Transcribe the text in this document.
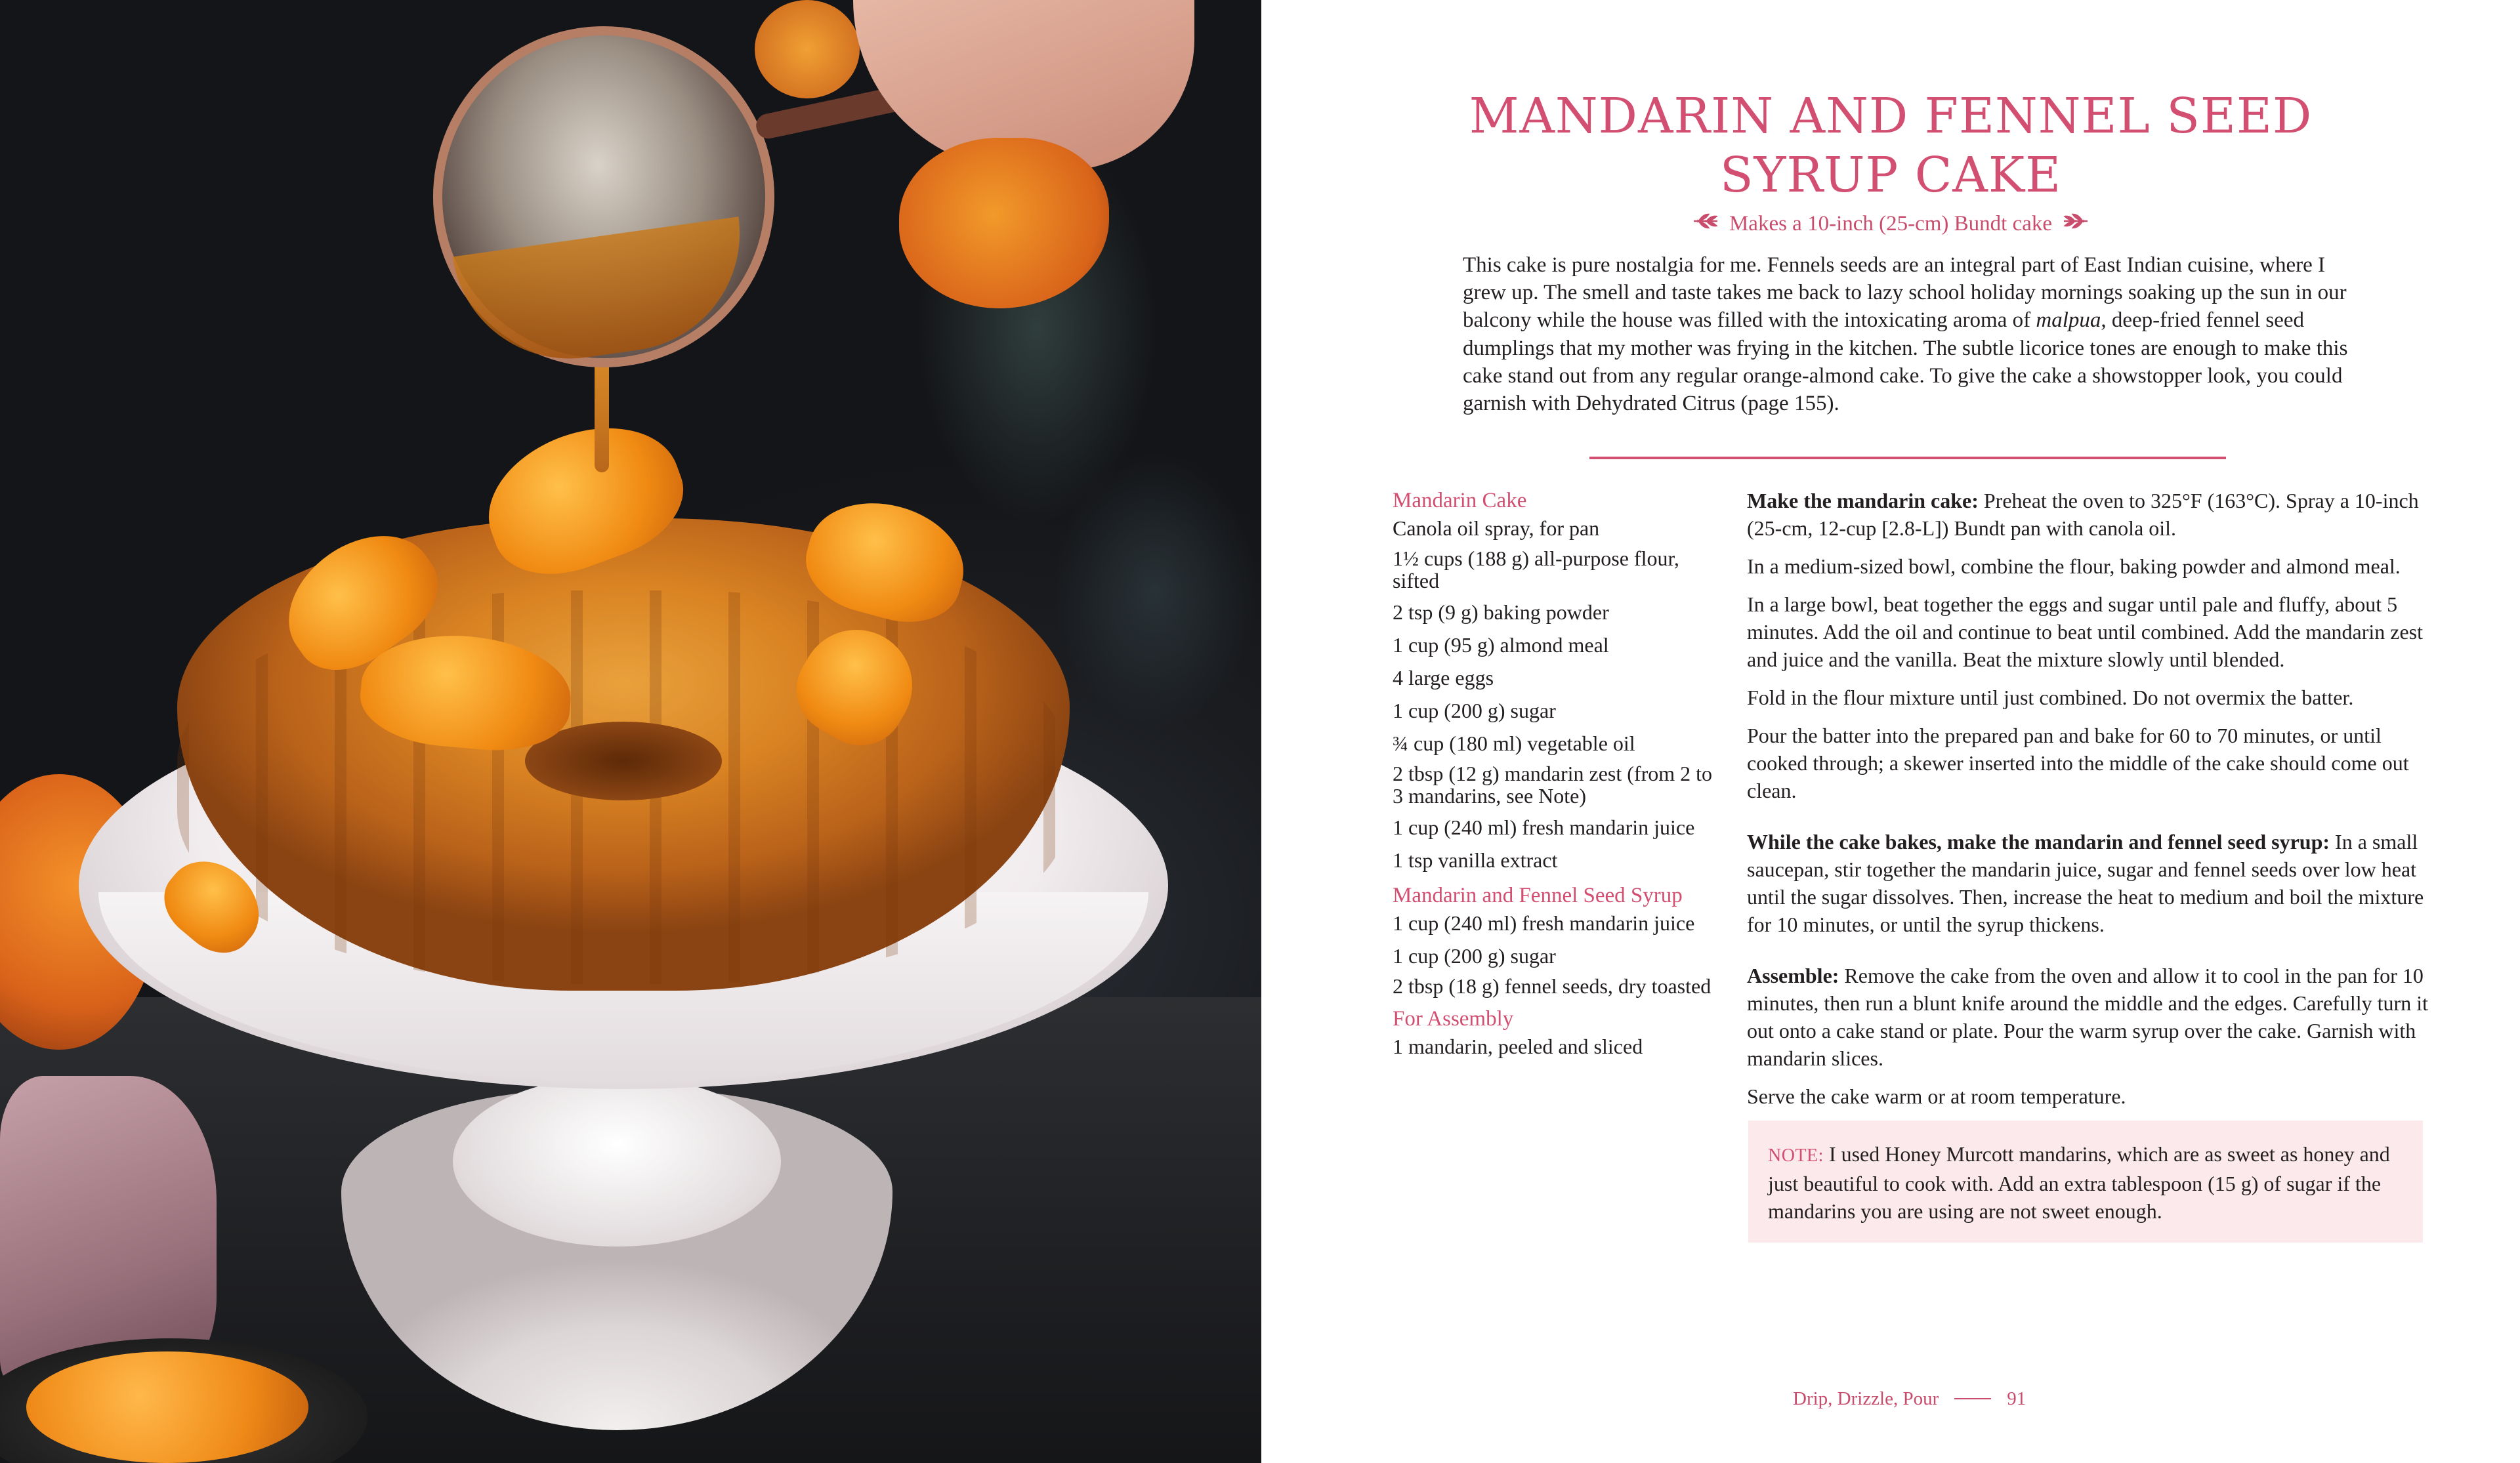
MANDARIN AND FENNEL SEED
SYRUP CAKE
Makes a 10-inch (25-cm) Bundt cake

This cake is pure nostalgia for me. Fennels seeds are an integral part of East Indian cuisine, where I grew up. The smell and taste takes me back to lazy school holiday mornings soaking up the sun in our balcony while the house was filled with the intoxicating aroma of malpua, deep-fried fennel seed dumplings that my mother was frying in the kitchen. The subtle licorice tones are enough to make this cake stand out from any regular orange-almond cake. To give the cake a showstopper look, you could garnish with Dehydrated Citrus (page 155).

Mandarin Cake
Canola oil spray, for pan
1½ cups (188 g) all-purpose flour, sifted
2 tsp (9 g) baking powder
1 cup (95 g) almond meal
4 large eggs
1 cup (200 g) sugar
¾ cup (180 ml) vegetable oil
2 tbsp (12 g) mandarin zest (from 2 to 3 mandarins, see Note)
1 cup (240 ml) fresh mandarin juice
1 tsp vanilla extract
Mandarin and Fennel Seed Syrup
1 cup (240 ml) fresh mandarin juice
1 cup (200 g) sugar
2 tbsp (18 g) fennel seeds, dry toasted
For Assembly
1 mandarin, peeled and sliced

Make the mandarin cake: Preheat the oven to 325°F (163°C). Spray a 10-inch (25-cm, 12-cup [2.8-L]) Bundt pan with canola oil.

In a medium-sized bowl, combine the flour, baking powder and almond meal.

In a large bowl, beat together the eggs and sugar until pale and fluffy, about 5 minutes. Add the oil and continue to beat until combined. Add the mandarin zest and juice and the vanilla. Beat the mixture slowly until blended.

Fold in the flour mixture until just combined. Do not overmix the batter.

Pour the batter into the prepared pan and bake for 60 to 70 minutes, or until cooked through; a skewer inserted into the middle of the cake should come out clean.

While the cake bakes, make the mandarin and fennel seed syrup: In a small saucepan, stir together the mandarin juice, sugar and fennel seeds over low heat until the sugar dissolves. Then, increase the heat to medium and boil the mixture for 10 minutes, or until the syrup thickens.

Assemble: Remove the cake from the oven and allow it to cool in the pan for 10 minutes, then run a blunt knife around the middle and the edges. Carefully turn it out onto a cake stand or plate. Pour the warm syrup over the cake. Garnish with mandarin slices.

Serve the cake warm or at room temperature.

NOTE: I used Honey Murcott mandarins, which are as sweet as honey and just beautiful to cook with. Add an extra tablespoon (15 g) of sugar if the mandarins you are using are not sweet enough.
Drip, Drizzle, Pour	91
